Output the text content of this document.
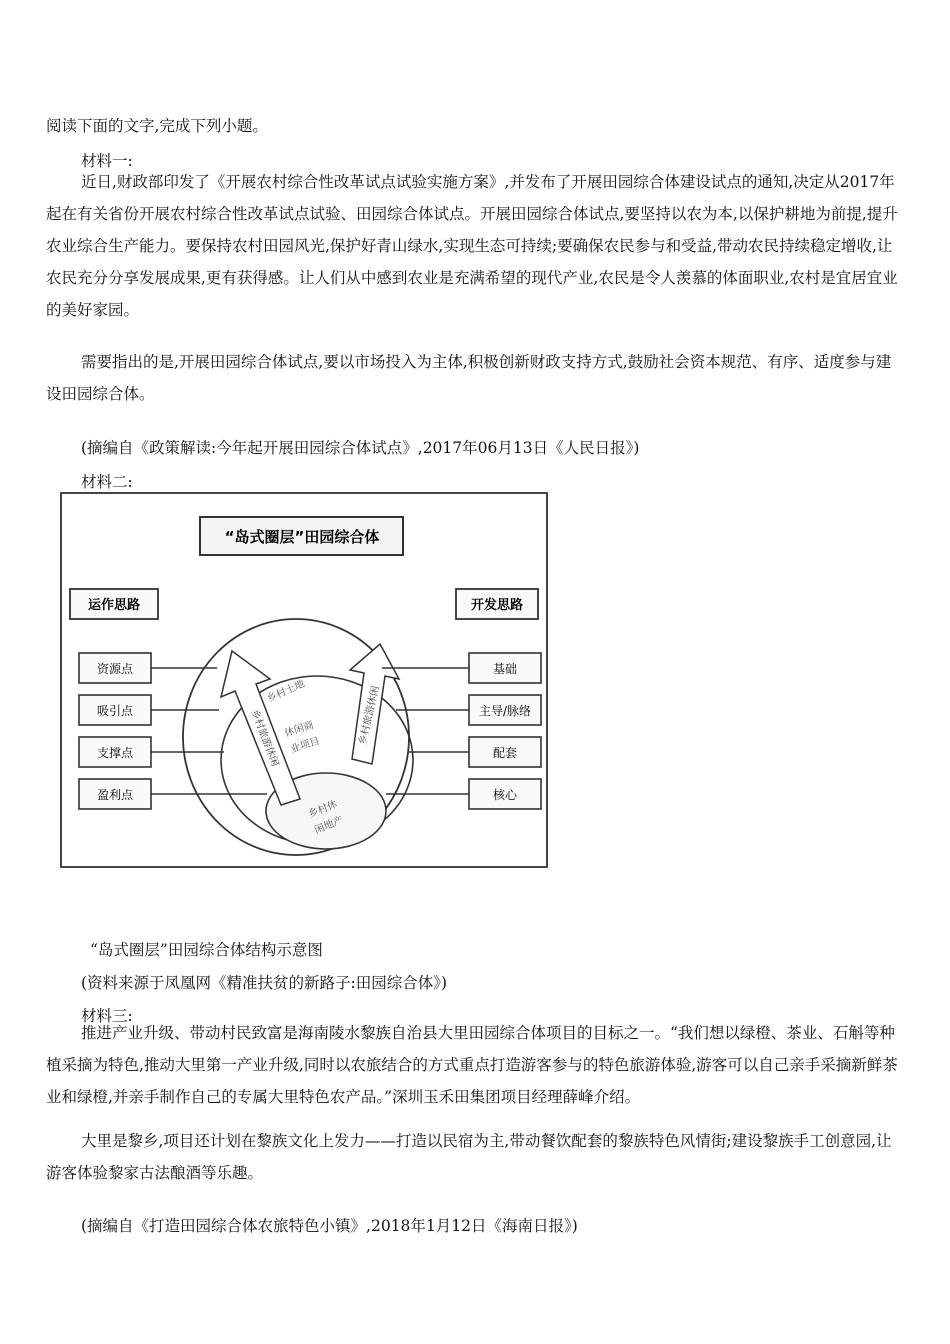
阅读下面的文字,完成下列小题。

材料一:

近日,财政部印发了《开展农村综合性改革试点试验实施方案》,并发布了开展田园综合体建设试点的通知,决定从2017年起在有关省份开展农村综合性改革试点试验、田园综合体试点。开展田园综合体试点,要坚持以农为本,以保护耕地为前提,提升农业综合生产能力。要保持农村田园风光,保护好青山绿水,实现生态可持续;要确保农民参与和受益,带动农民持续稳定增收,让农民充分分享发展成果,更有获得感。让人们从中感到农业是充满希望的现代产业,农民是令人羡慕的体面职业,农村是宜居宜业的美好家园。

需要指出的是,开展田园综合体试点,要以市场投入为主体,积极创新财政支持方式,鼓励社会资本规范、有序、适度参与建设田园综合体。

(摘编自《政策解读:今年起开展田园综合体试点》,2017年06月13日《人民日报》)

材料二:

“岛式圈层”田园综合体
运作思路	开发思路
乡村土地
休闲商
业项目
乡村休
闲地产
乡村旅游休闲	乡村旅游休闲
资源点
吸引点
支撑点
盈利点
基础
主导/脉络
配套
核心

“岛式圈层”田园综合体结构示意图

(资料来源于凤凰网《精准扶贫的新路子:田园综合体》)

材料三:

推进产业升级、带动村民致富是海南陵水黎族自治县大里田园综合体项目的目标之一。“我们想以绿橙、茶业、石斛等种植采摘为特色,推动大里第一产业升级,同时以农旅结合的方式重点打造游客参与的特色旅游体验,游客可以自己亲手采摘新鲜茶业和绿橙,并亲手制作自己的专属大里特色农产品。”深圳玉禾田集团项目经理薛峰介绍。

大里是黎乡,项目还计划在黎族文化上发力——打造以民宿为主,带动餐饮配套的黎族特色风情街;建设黎族手工创意园,让游客体验黎家古法酿酒等乐趣。

(摘编自《打造田园综合体农旅特色小镇》,2018年1月12日《海南日报》)
